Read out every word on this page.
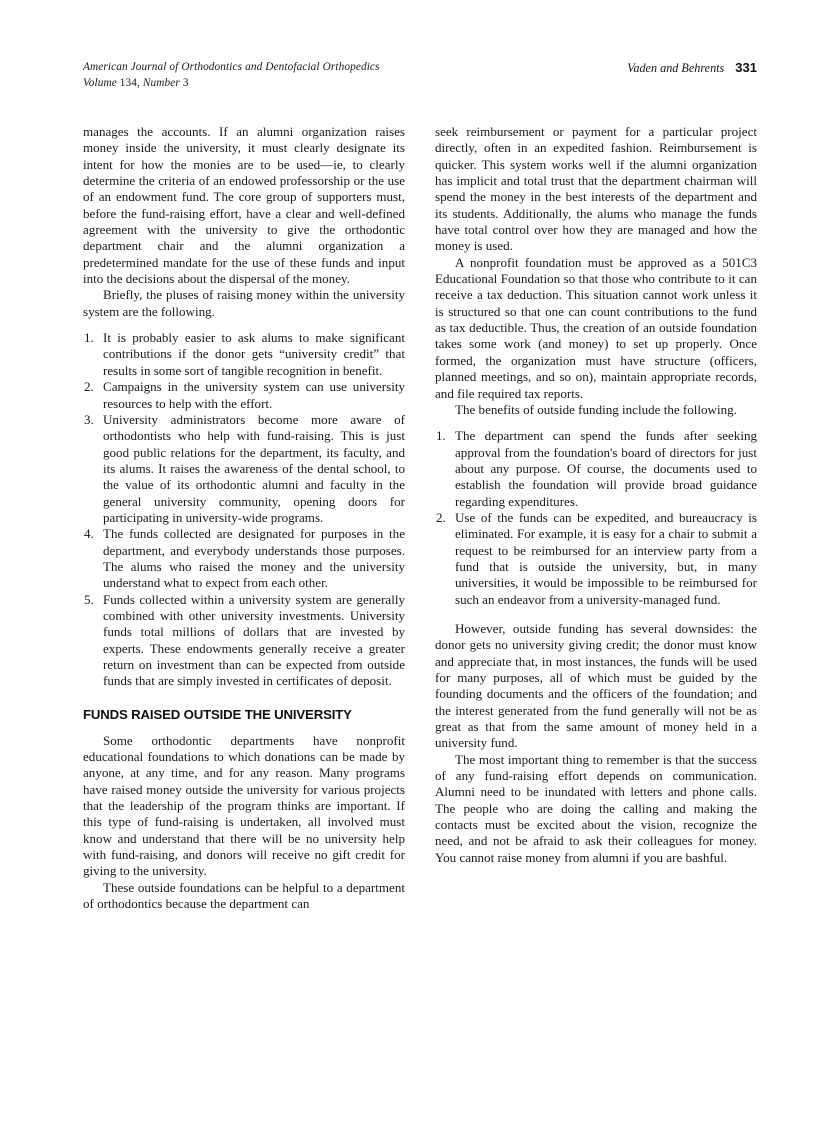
American Journal of Orthodontics and Dentofacial Orthopedics
Volume 134, Number 3
Vaden and Behrents 331

manages the accounts. If an alumni organization raises money inside the university, it must clearly designate its intent for how the monies are to be used—ie, to clearly determine the criteria of an endowed professorship or the use of an endowment fund. The core group of supporters must, before the fund-raising effort, have a clear and well-defined agreement with the university to give the orthodontic department chair and the alumni organization a predetermined mandate for the use of these funds and input into the decisions about the dispersal of the money.

Briefly, the pluses of raising money within the university system are the following.

It is probably easier to ask alums to make significant contributions if the donor gets “university credit” that results in some sort of tangible recognition in benefit.
Campaigns in the university system can use university resources to help with the effort.
University administrators become more aware of orthodontists who help with fund-raising. This is just good public relations for the department, its faculty, and its alums. It raises the awareness of the dental school, to the value of its orthodontic alumni and faculty in the general university community, opening doors for participating in university-wide programs.
The funds collected are designated for purposes in the department, and everybody understands those purposes. The alums who raised the money and the university understand what to expect from each other.
Funds collected within a university system are generally combined with other university investments. University funds total millions of dollars that are invested by experts. These endowments generally receive a greater return on investment than can be expected from outside funds that are simply invested in certificates of deposit.
FUNDS RAISED OUTSIDE THE UNIVERSITY

Some orthodontic departments have nonprofit educational foundations to which donations can be made by anyone, at any time, and for any reason. Many programs have raised money outside the university for various projects that the leadership of the program thinks are important. If this type of fund-raising is undertaken, all involved must know and understand that there will be no university help with fund-raising, and donors will receive no gift credit for giving to the university.

These outside foundations can be helpful to a department of orthodontics because the department can

seek reimbursement or payment for a particular project directly, often in an expedited fashion. Reimbursement is quicker. This system works well if the alumni organization has implicit and total trust that the department chairman will spend the money in the best interests of the department and its students. Additionally, the alums who manage the funds have total control over how they are managed and how the money is used.

A nonprofit foundation must be approved as a 501C3 Educational Foundation so that those who contribute to it can receive a tax deduction. This situation cannot work unless it is structured so that one can count contributions to the fund as tax deductible. Thus, the creation of an outside foundation takes some work (and money) to set up properly. Once formed, the organization must have structure (officers, planned meetings, and so on), maintain appropriate records, and file required tax reports.

The benefits of outside funding include the following.

The department can spend the funds after seeking approval from the foundation's board of directors for just about any purpose. Of course, the documents used to establish the foundation will provide broad guidance regarding expenditures.
Use of the funds can be expedited, and bureaucracy is eliminated. For example, it is easy for a chair to submit a request to be reimbursed for an interview party from a fund that is outside the university, but, in many universities, it would be impossible to be reimbursed for such an endeavor from a university-managed fund.

However, outside funding has several downsides: the donor gets no university giving credit; the donor must know and appreciate that, in most instances, the funds will be used for many purposes, all of which must be guided by the founding documents and the officers of the foundation; and the interest generated from the fund generally will not be as great as that from the same amount of money held in a university fund.

The most important thing to remember is that the success of any fund-raising effort depends on communication. Alumni need to be inundated with letters and phone calls. The people who are doing the calling and making the contacts must be excited about the vision, recognize the need, and not be afraid to ask their colleagues for money. You cannot raise money from alumni if you are bashful.
